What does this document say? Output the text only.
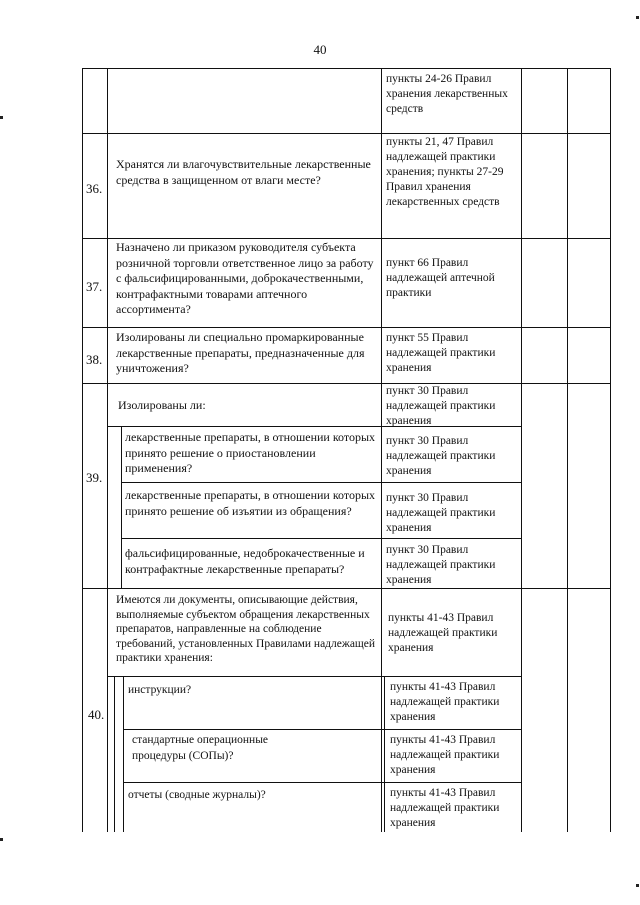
40
пункты 24-26 Правил хранения лекарственных средств
36.
Хранятся ли влагочувствительные лекарственные средства в защищенном от влаги месте?
пункты 21, 47 Правил надлежащей практики хранения; пункты 27-29 Правил хранения лекарственных средств
37.
Назначено ли приказом руководителя субъекта розничной торговли ответственное лицо за работу с фальсифицированными, доброкачественными, контрафактными товарами аптечного ассортимента?
пункт 66 Правил надлежащей аптечной практики
38.
Изолированы ли специально промаркированные лекарственные препараты, предназначенные для уничтожения?
пункт 55 Правил надлежащей практики хранения
39.
Изолированы ли:
пункт 30 Правил надлежащей практики хранения
лекарственные препараты, в отношении которых принято решение о приостановлении применения?
пункт 30 Правил надлежащей практики хранения
лекарственные препараты, в отношении которых принято решение об изъятии из обращения?
пункт 30 Правил надлежащей практики хранения
фальсифицированные, недоброкачественные и контрафактные лекарственные препараты?
пункт 30 Правил надлежащей практики хранения
40.
Имеются ли документы, описывающие действия, выполняемые субъектом обращения лекарственных препаратов, направленные на соблюдение требований, установленных Правилами надлежащей практики хранения:
пункты 41-43 Правил надлежащей практики хранения
инструкции?	пункты 41-43 Правил надлежащей практики хранения
стандартные операционные процедуры (СОПы)?
пункты 41-43 Правил надлежащей практики хранения
отчеты (сводные журналы)?	пункты 41-43 Правил надлежащей практики хранения
